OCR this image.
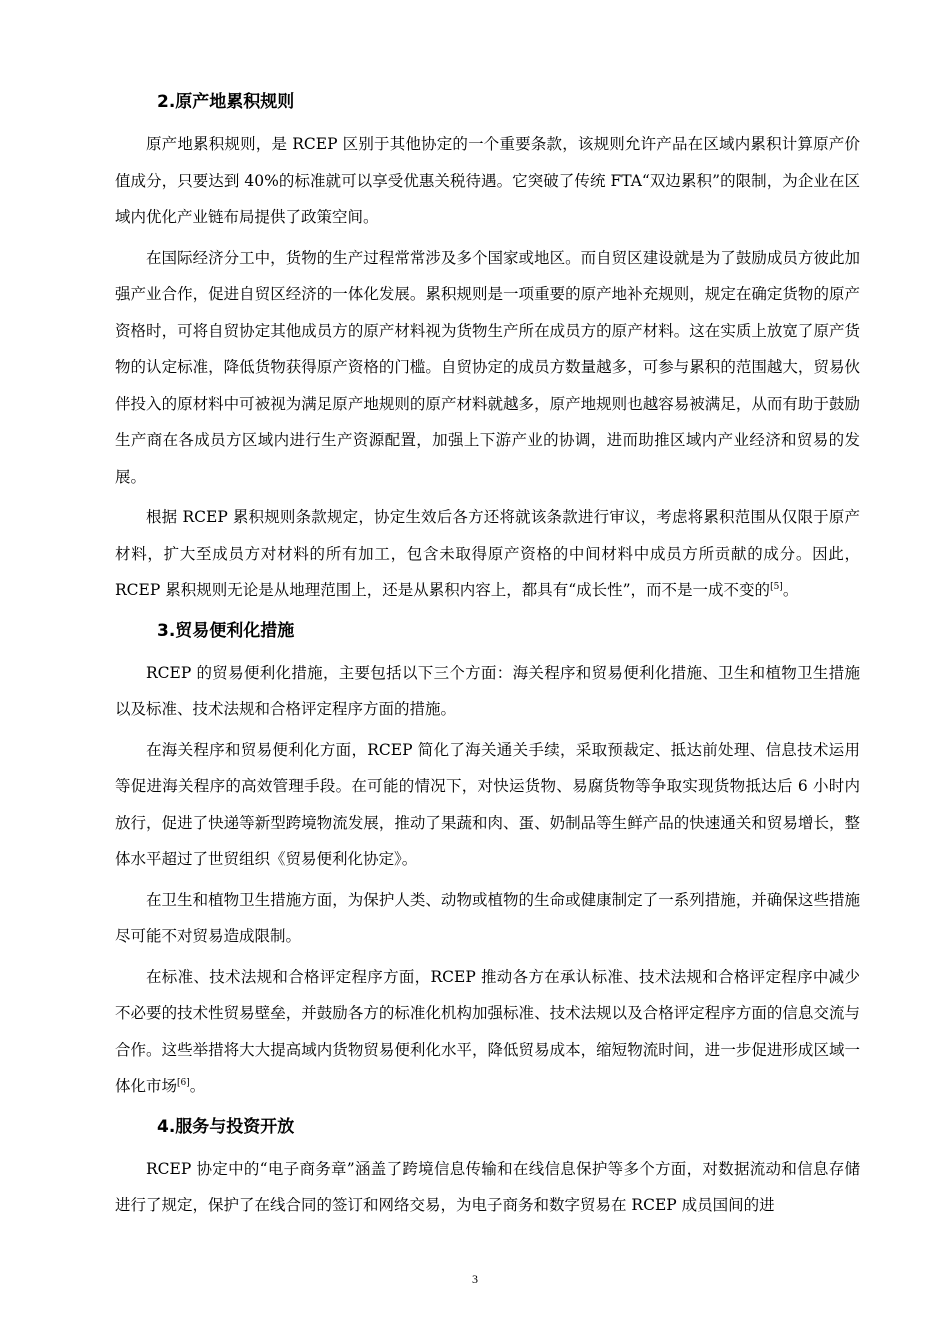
2.原产地累积规则

原产地累积规则，是 RCEP 区别于其他协定的一个重要条款，该规则允许产品在区域内累积计算原产价值成分，只要达到 40%的标准就可以享受优惠关税待遇。它突破了传统 FTA“双边累积”的限制，为企业在区域内优化产业链布局提供了政策空间。

在国际经济分工中，货物的生产过程常常涉及多个国家或地区。而自贸区建设就是为了鼓励成员方彼此加强产业合作，促进自贸区经济的一体化发展。累积规则是一项重要的原产地补充规则，规定在确定货物的原产资格时，可将自贸协定其他成员方的原产材料视为货物生产所在成员方的原产材料。这在实质上放宽了原产货物的认定标准，降低货物获得原产资格的门槛。自贸协定的成员方数量越多，可参与累积的范围越大，贸易伙伴投入的原材料中可被视为满足原产地规则的原产材料就越多，原产地规则也越容易被满足，从而有助于鼓励生产商在各成员方区域内进行生产资源配置，加强上下游产业的协调，进而助推区域内产业经济和贸易的发展。

根据 RCEP 累积规则条款规定，协定生效后各方还将就该条款进行审议，考虑将累积范围从仅限于原产材料，扩大至成员方对材料的所有加工，包含未取得原产资格的中间材料中成员方所贡献的成分。因此，RCEP 累积规则无论是从地理范围上，还是从累积内容上，都具有“成长性”，而不是一成不变的[5]。

3.贸易便利化措施

RCEP 的贸易便利化措施，主要包括以下三个方面：海关程序和贸易便利化措施、卫生和植物卫生措施以及标准、技术法规和合格评定程序方面的措施。

在海关程序和贸易便利化方面，RCEP 简化了海关通关手续，采取预裁定、抵达前处理、信息技术运用等促进海关程序的高效管理手段。在可能的情况下，对快运货物、易腐货物等争取实现货物抵达后 6 小时内放行，促进了快递等新型跨境物流发展，推动了果蔬和肉、蛋、奶制品等生鲜产品的快速通关和贸易增长，整体水平超过了世贸组织《贸易便利化协定》。

在卫生和植物卫生措施方面，为保护人类、动物或植物的生命或健康制定了一系列措施，并确保这些措施尽可能不对贸易造成限制。

在标准、技术法规和合格评定程序方面，RCEP 推动各方在承认标准、技术法规和合格评定程序中减少不必要的技术性贸易壁垒，并鼓励各方的标准化机构加强标准、技术法规以及合格评定程序方面的信息交流与合作。这些举措将大大提高域内货物贸易便利化水平，降低贸易成本，缩短物流时间，进一步促进形成区域一体化市场[6]。

4.服务与投资开放

RCEP 协定中的“电子商务章”涵盖了跨境信息传输和在线信息保护等多个方面，对数据流动和信息存储进行了规定，保护了在线合同的签订和网络交易，为电子商务和数字贸易在 RCEP 成员国间的进

3
